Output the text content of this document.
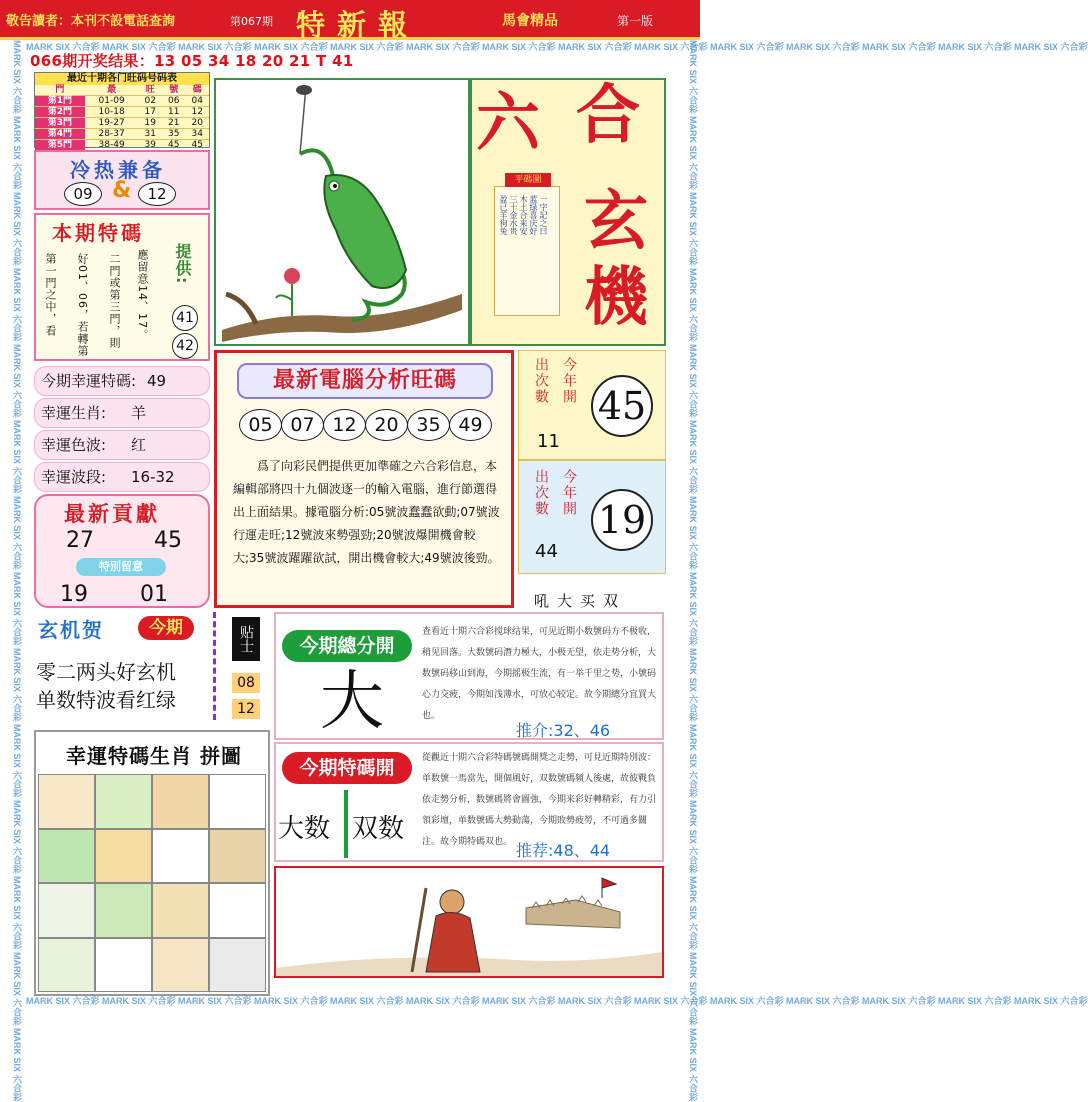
MARK SIX 六合彩 MARK SIX 六合彩 MARK SIX 六合彩 MARK SIX 六合彩 MARK SIX 六合彩 MARK SIX 六合彩 MARK SIX 六合彩 MARK SIX 六合彩 MARK SIX 六合彩 MARK SIX 六合彩 MARK SIX 六合彩 MARK SIX 六合彩 MARK SIX 六合彩 MARK SIX 六合彩
MARK SIX 六合彩 MARK SIX 六合彩 MARK SIX 六合彩 MARK SIX 六合彩 MARK SIX 六合彩 MARK SIX 六合彩 MARK SIX 六合彩 MARK SIX 六合彩 MARK SIX 六合彩 MARK SIX 六合彩 MARK SIX 六合彩 MARK SIX 六合彩 MARK SIX 六合彩 MARK SIX 六合彩	MARK SIX 六合彩 MARK SIX 六合彩 MARK SIX 六合彩 MARK SIX 六合彩 MARK SIX 六合彩 MARK SIX 六合彩 MARK SIX 六合彩 MARK SIX 六合彩 MARK SIX 六合彩 MARK SIX 六合彩 MARK SIX 六合彩 MARK SIX 六合彩 MARK SIX 六合彩 MARK SIX 六合彩
MARK SIX 六合彩 MARK SIX 六合彩 MARK SIX 六合彩 MARK SIX 六合彩 MARK SIX 六合彩 MARK SIX 六合彩 MARK SIX 六合彩 MARK SIX 六合彩 MARK SIX 六合彩 MARK SIX 六合彩 MARK SIX 六合彩 MARK SIX 六合彩 MARK SIX 六合彩 MARK SIX 六合彩
敬告讀者：本刊不設電話查詢	第067期 特新報	馬會精品	第一版
066期开奖结果：13 05 34 18 20 21 T 41
最近十期各门旺码号码表
門	最	旺	號	碼
第1門	01-09	02	06	04
第2門	10-18	17	11	12
第3門	19-27	19	21	20
第4門	28-37	31	35	34
第5門	38-49	39	45	45
冷热兼备
09 &	12
本期特碼
第一門之中，看 好01、06，若轉第 二門或第三門，則 應留意14、17。 提供:
41
42
今期幸運特碼: 49
幸運生肖: 羊
幸運色波: 红
幸運波段: 16-32
最新貢獻
27	45
特別留意
19 01
六 合
玄
機
平碼圖
一字記之曰
蓝绿喜庆好
木土合来安
三十金水贵
盈已羊狗兔
最新電腦分析旺碼
05 07 12 20 35 49
爲了向彩民們提供更加準確之六合彩信息，本編輯部將四十九個波逐一的輸入電腦，進行節選得出上面結果。據電腦分析:05號波蠢蠢欲動;07號波行運走旺;12號波來勢强勁;20號波爆開機會較大;35號波躍躍欲試，開出機會較大;49號波後勁。
今年開
出次數
11
45
今年開
出次數
44
19
吼大买双
玄机贺	今期
零二两头好玄机
单数特波看红绿
贴士
08
12
幸運特碼生肖 拼圖
今期總分開
大
查看近十期六合彩搅球结果，可见近期小数號码方不极收，稍见回落。大数號码潛力極大，小极无望，依走势分析，大数號码移山到海，今期摇极生流，有一举千里之势，小號码心力交疲，今期如浅薄水，可放心较定。故今期總分宜買大也。
推介:32、46
今期特碼開
大数 双数
從觀近十期六合彩特碼號碼開獎之走勢，可見近期特別波：单数號一馬當先，開個風好，双数號碼頻人後處，故彼戰負依走勢分析，数號碼將會圖強，今期来彩好轉精彩，有力引領彩壇，单数號碼大勢動蕩，今期敗勢疲勞，不可過多關注。故今期特碼双也。 推荐:48、44
